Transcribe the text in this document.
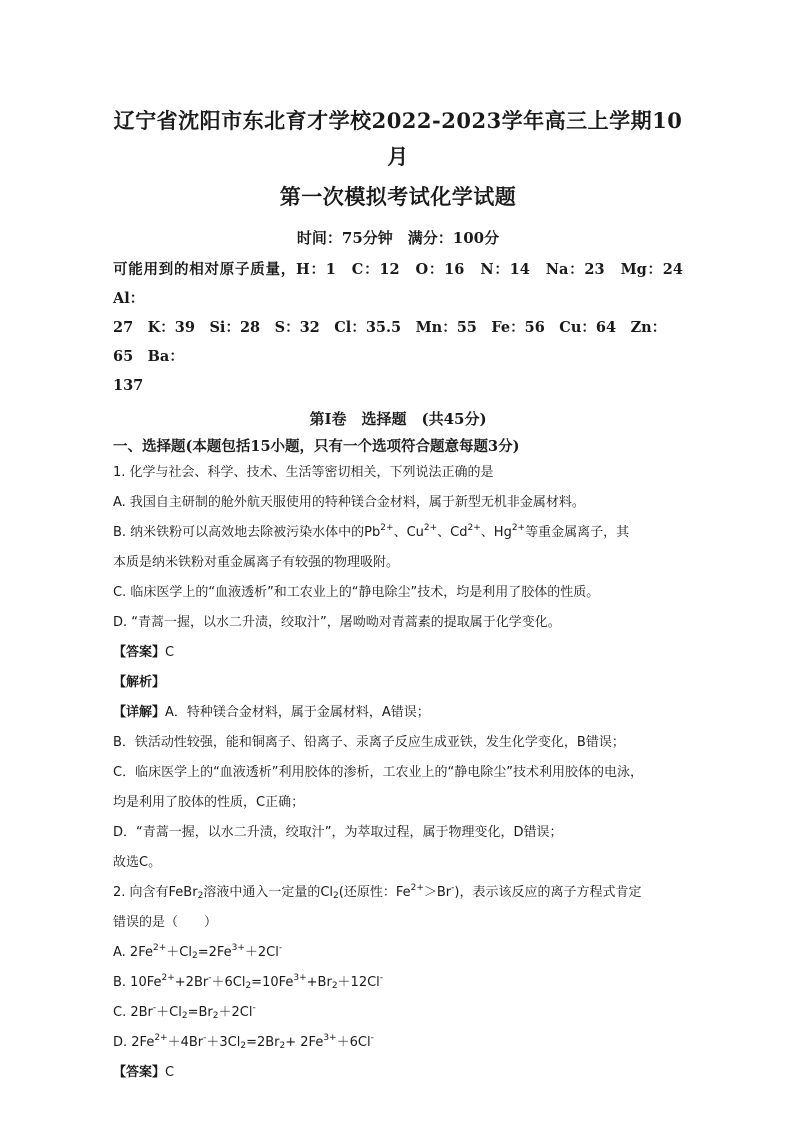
辽宁省沈阳市东北育才学校2022-2023学年高三上学期10月
第一次模拟考试化学试题
时间：75分钟　满分：100分
可能用到的相对原子质量，H：1　C：12　O：16　N：14　Na：23　Mg：24　Al：
27　K：39　Si：28　S：32　Cl：35.5　Mn：55　Fe：56　Cu：64　Zn：65　Ba：
137
第I卷　选择题　(共45分)
一、选择题(本题包括15小题，只有一个选项符合题意每题3分)
1. 化学与社会、科学、技术、生活等密切相关，下列说法正确的是
A. 我国自主研制的舱外航天服使用的特种镁合金材料，属于新型无机非金属材料。
B. 纳米铁粉可以高效地去除被污染水体中的$Pb^{2+}$、$Cu^{2+}$、$Cd^{2+}$、$Hg^{2+}$等重金属离子，其
本质是纳米铁粉对重金属离子有较强的物理吸附。
C. 临床医学上的“血液透析”和工农业上的“静电除尘”技术，均是利用了胶体的性质。
D. “青蒿一握，以水二升渍，绞取汁”，屠呦呦对青蒿素的提取属于化学变化。
【答案】C
【解析】
【详解】A．特种镁合金材料，属于金属材料，A错误；
B．铁活动性较强，能和铜离子、铅离子、汞离子反应生成亚铁，发生化学变化，B错误；
C．临床医学上的“血液透析”利用胶体的渗析，工农业上的“静电除尘”技术利用胶体的电泳，
均是利用了胶体的性质，C正确；
D．“青蒿一握，以水二升渍，绞取汁”，为萃取过程，属于物理变化，D错误；
故选C。
2. 向含有FeBr$_2$溶液中通入一定量的$Cl_2$(还原性：$Fe^{2+}>Br^-$)，表示该反应的离子方程式肯定
错误的是（　　）
A. $2Fe^{2+}+Cl_2=2Fe^{3+}+2Cl^-$
B. $10Fe^{2+}+2Br^-+6Cl_2=10Fe^{3+}+Br_2+12Cl^-$
C. $2Br^-+Cl_2=Br_2+2Cl^-$
D. $2Fe^{2+}+4Br^-+3Cl_2=2Br_2+ 2Fe^{3+}+6Cl^-$
【答案】C
